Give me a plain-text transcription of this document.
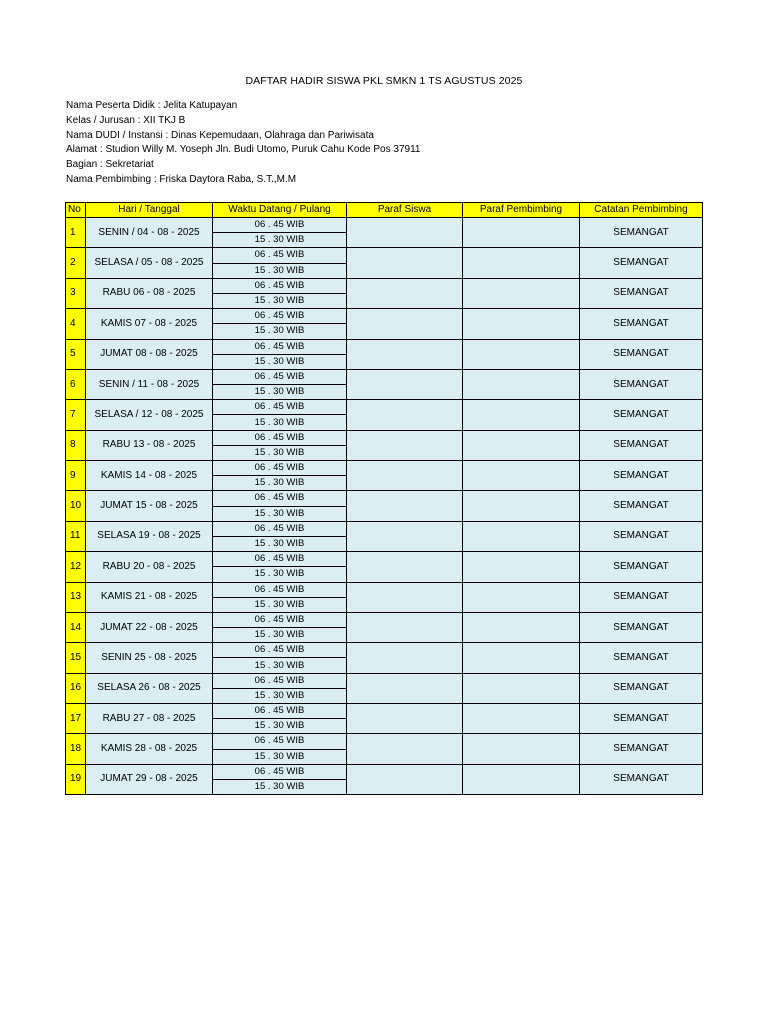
DAFTAR HADIR SISWA PKL SMKN 1 TS AGUSTUS 2025
Nama Peserta Didik : Jelita Katupayan
Kelas / Jurusan : XII TKJ B
Nama DUDI / Instansi : Dinas Kepemudaan, Olahraga dan Pariwisata
Alamat : Studion Willy M. Yoseph Jln. Budi Utomo, Puruk Cahu Kode Pos 37911
Bagian : Sekretariat
Nama Pembimbing : Friska Daytora Raba, S.T.,M.M
No	Hari / Tanggal	Waktu Datang / Pulang	Paraf Siswa	Paraf Pembimbing	Catatan Pembimbing
1	SENIN / 04 - 08 - 2025	06 . 45 WIB			SEMANGAT
		15 . 30 WIB			
2	SELASA / 05 - 08 - 2025	06 . 45 WIB			SEMANGAT
		15 . 30 WIB			
3	RABU 06 - 08 - 2025	06 . 45 WIB			SEMANGAT
		15 . 30 WIB			
4	KAMIS 07 - 08 - 2025	06 . 45 WIB			SEMANGAT
		15 . 30 WIB			
5	JUMAT 08 - 08 - 2025	06 . 45 WIB			SEMANGAT
		15 . 30 WIB			
6	SENIN / 11 - 08 - 2025	06 . 45 WIB			SEMANGAT
		15 . 30 WIB			
7	SELASA / 12 - 08 - 2025	06 . 45 WIB			SEMANGAT
		15 . 30 WIB			
8	RABU 13 - 08 - 2025	06 . 45 WIB			SEMANGAT
		15 . 30 WIB			
9	KAMIS 14 - 08 - 2025	06 . 45 WIB			SEMANGAT
		15 . 30 WIB			
10	JUMAT 15 - 08 - 2025	06 . 45 WIB			SEMANGAT
		15 . 30 WIB			
11	SELASA 19 - 08 - 2025	06 . 45 WIB			SEMANGAT
		15 . 30 WIB			
12	RABU 20 - 08 - 2025	06 . 45 WIB			SEMANGAT
		15 . 30 WIB			
13	KAMIS 21 - 08 - 2025	06 . 45 WIB			SEMANGAT
		15 . 30 WIB			
14	JUMAT 22 - 08 - 2025	06 . 45 WIB			SEMANGAT
		15 . 30 WIB			
15	SENIN 25 - 08 - 2025	06 . 45 WIB			SEMANGAT
		15 . 30 WIB			
16	SELASA 26 - 08 - 2025	06 . 45 WIB			SEMANGAT
		15 . 30 WIB			
17	RABU 27 - 08 - 2025	06 . 45 WIB			SEMANGAT
		15 . 30 WIB			
18	KAMIS 28 - 08 - 2025	06 . 45 WIB			SEMANGAT
		15 . 30 WIB			
19	JUMAT 29 - 08 - 2025	06 . 45 WIB			SEMANGAT
		15 . 30 WIB			
